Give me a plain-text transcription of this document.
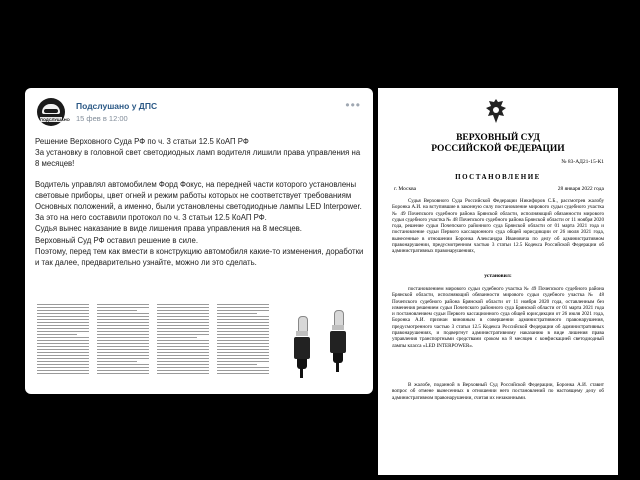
ПОДСЛУШАНО
Подслушано у ДПС
15 фев в 12:00
•••

Решение Верховного Суда РФ по ч. 3 статьи 12.5 КоАП РФ

За установку в головной свет светодиодных ламп водителя лишили права управления на 8 месяцев!

Водитель управлял автомобилем Форд Фокус, на передней части которого установлены световые приборы, цвет огней и режим работы которых не соответствует требованиям Основных положений, а именно, были установлены светодиодные лампы LED Interpower.

За это на него составили протокол по ч. 3 статьи 12.5 КоАП РФ.

Судья вынес наказание в виде лишения права управления на 8 месяцев.

Верховный Суд РФ оставил решение в силе.

Поэтому, перед тем как вмести в конструкцию автомобиля какие-то изменения, доработки и так далее, предварительно узнайте, можно ли это сделать.

ВЕРХОВНЫЙ СУД
РОССИЙСКОЙ ФЕДЕРАЦИИ
№ 83-АД21-15-К1
ПОСТАНОВЛЕНИЕ
г. Москва	28 января 2022 года

Судья Верховного Суда Российской Федерации Никифоров С.Б., рассмотрев жалобу Боронка А.И. на вступившие в законную силу постановление мирового судьи судебного участка № 49 Почепского судебного района Брянской области, исполняющий обязанности мирового судьи судебного участка № 48 Почепского судебного района Брянской области от 11 ноября 2020 года, решение судьи Почепского районного суда Брянской области от 01 марта 2021 года и постановление судьи Первого кассационного суда общей юрисдикции от 26 июля 2021 года, вынесенные в отношении Боронка Александра Ивановича по делу об административном правонарушении, предусмотренном частью 3 статьи 12.5 Кодекса Российской Федерации об административных правонарушениях,

установил:

постановлением мирового судьи судебного участка № 49 Почепского судебного района Брянской области, исполняющий обязанности мирового судьи судебного участка № 48 Почепского судебного района Брянской области от 11 ноября 2020 года, оставленным без изменения решением судьи Почепского районного суда Брянской области от 01 марта 2021 года и постановлением судьи Первого кассационного суда общей юрисдикции от 26 июля 2021 года, Боронка А.И. признан виновным в совершении административного правонарушения, предусмотренного частью 3 статьи 12.5 Кодекса Российской Федерации об административных правонарушениях, и подвергнут административному наказанию в виде лишения права управления транспортными средствами сроком на 8 месяцев с конфискацией светодиодный лампы класса «LED INTERPOWER».

В жалобе, поданной в Верховный Суд Российской Федерации, Боронка А.И. ставит вопрос об отмене вынесенных в отношении него постановлений по настоящему делу об административном правонарушении, считая их незаконными.
